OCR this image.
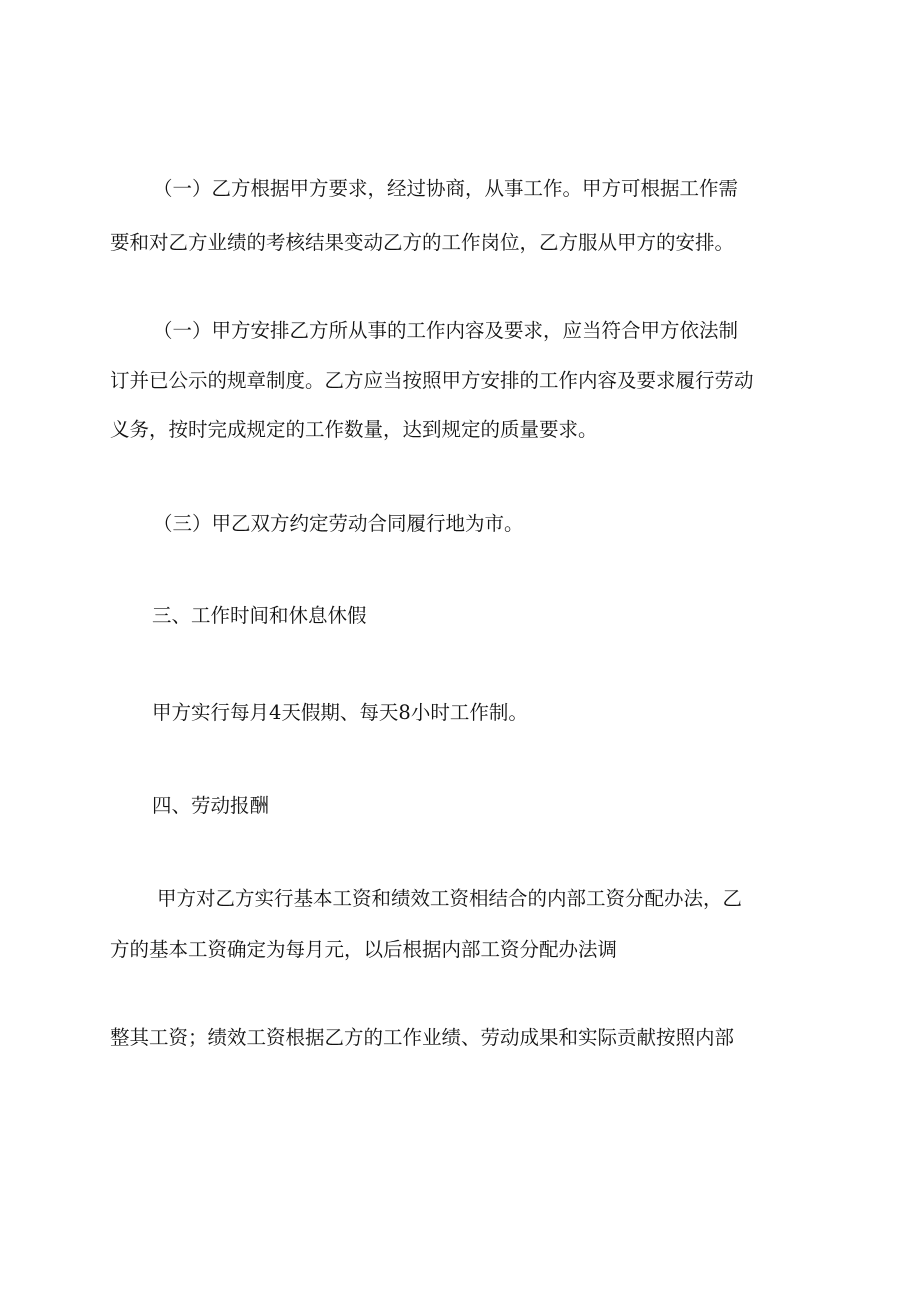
（一）乙方根据甲方要求，经过协商，从事工作。甲方可根据工作需

要和对乙方业绩的考核结果变动乙方的工作岗位，乙方服从甲方的安排。

（一）甲方安排乙方所从事的工作内容及要求，应当符合甲方依法制

订并已公示的规章制度。乙方应当按照甲方安排的工作内容及要求履行劳动

义务，按时完成规定的工作数量，达到规定的质量要求。

（三）甲乙双方约定劳动合同履行地为市。

三、工作时间和休息休假

甲方实行每月4天假期、每天8小时工作制。

四、劳动报酬

甲方对乙方实行基本工资和绩效工资相结合的内部工资分配办法，乙

方的基本工资确定为每月元，以后根据内部工资分配办法调

整其工资；绩效工资根据乙方的工作业绩、劳动成果和实际贡献按照内部
